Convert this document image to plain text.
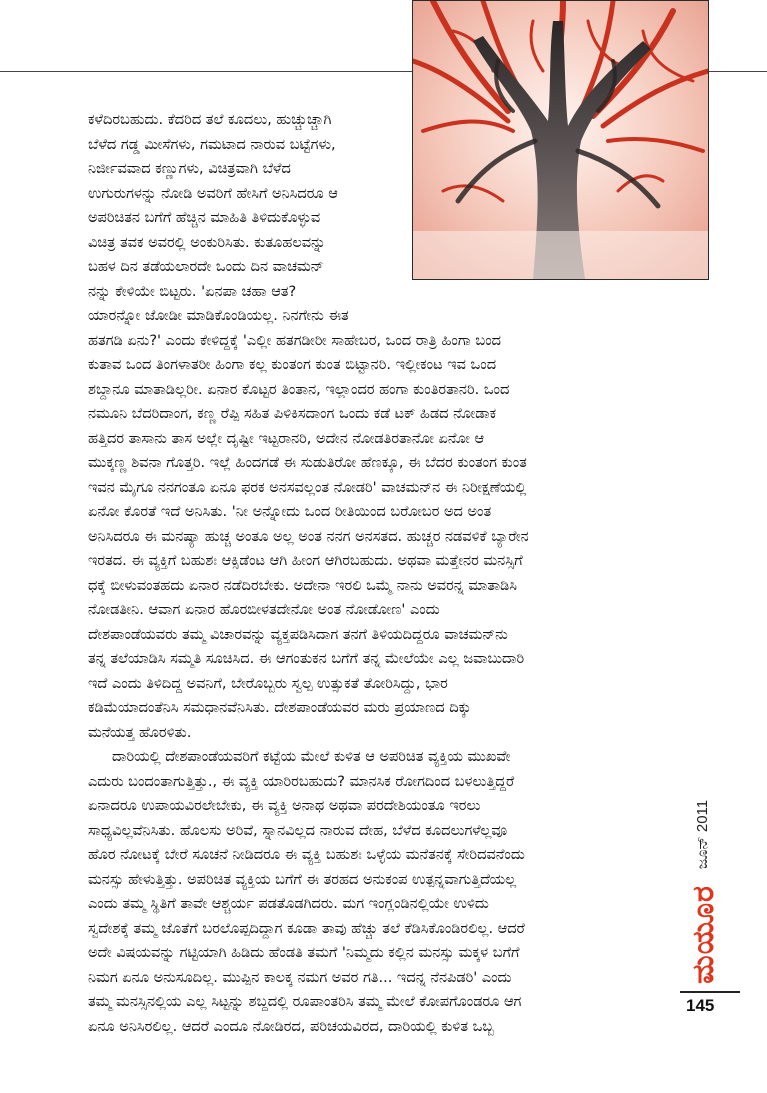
ಕಳೆದಿರಬಹುದು. ಕೆದರಿದ ತಲೆ ಕೂದಲು, ಹುಚ್ಚುಚ್ಚಾಗಿ
ಬೆಳೆದ ಗಡ್ಡ ಮೀಸೆಗಳು, ಗಮಟಾದ ನಾರುವ ಬಟ್ಟೆಗಳು,
ನಿರ್ಜೀವವಾದ ಕಣ್ಣುಗಳು, ವಿಚಿತ್ರವಾಗಿ ಬೆಳೆದ
ಉಗುರುಗಳನ್ನು ನೋಡಿ ಅವರಿಗೆ ಹೇಸಿಗೆ ಅನಿಸಿದರೂ ಆ
ಅಪರಿಚಿತನ ಬಗೆಗೆ ಹೆಚ್ಚಿನ ಮಾಹಿತಿ ತಿಳಿದುಕೊಳ್ಳುವ
ವಿಚಿತ್ರ ತವಕ ಅವರಲ್ಲಿ ಅಂಕುರಿಸಿತು. ಕುತೂಹಲವನ್ನು
ಬಹಳ ದಿನ ತಡೆಯಲಾರದೇ ಒಂದು ದಿನ ವಾಚಮನ್
ನನ್ನು ಕೇಳಿಯೇ ಬಿಟ್ಟರು. 'ಏನಪಾ ಚಹಾ ಆತ?
ಯಾರನ್ನೋ ಜೋಡೀ ಮಾಡಿಕೊಂಡಿಯಲ್ಲ. ನಿನಗೇನು ಈತ
ಹತಗಡಿ ಏನು?' ಎಂದು ಕೇಳಿದ್ದಕ್ಕೆ 'ಎಲ್ಲೀ ಹತಗಡೀರೀ ಸಾಹೇಬರ, ಒಂದ ರಾತ್ರಿ ಹಿಂಗಾ ಬಂದ
ಕುತಾವ ಒಂದ ತಿಂಗಳಾತರೀ ಹಿಂಗಾ ಕಲ್ಲ ಕುಂತಂಗ ಕುಂತ ಬಿಟ್ಟಾನರಿ. ಇಲ್ಲೀಕಂಟ ಇವ ಒಂದ
ಶಬ್ದಾನೂ ಮಾತಾಡಿಲ್ಲರೀ. ಏನಾರ ಕೊಟ್ಟರ ತಿಂತಾನ, ಇಲ್ಲಾಂದರ ಹಂಗಾ ಕುಂತಿರತಾನರಿ. ಒಂದ
ನಮೂನಿ ಬೆದರಿದಾಂಗ, ಕಣ್ಣ ರೆಪ್ಪಿ ಸಹಿತ ಪಿಳಿಕಿಸದಾಂಗ ಒಂದು ಕಡೆ ಟಕ್ ಹಿಡದ ನೋಡಾಕ
ಹತ್ತಿದರ ತಾಸಾನು ತಾಸ ಅಲ್ಲೇ ದೃಷ್ಟೀ ಇಟ್ಟರಾನರಿ, ಅದೇನ ನೋಡತಿರತಾನೋ ಏನೋ ಆ
ಮುಕ್ಕಣ್ಣ ಶಿವನಾ ಗೊತ್ತರಿ. ಇಲ್ಲೆ ಹಿಂದಗಡೆ ಈ ಸುಡುತಿರೋ ಹೆಣಕ್ಕೂ, ಈ ಬೆದರ ಕುಂತಂಗ ಕುಂತ
ಇವನ ಮೈಗೂ ನನಗಂತೂ ಏನೂ ಫರಕ ಅನಸವಲ್ಲಂತ ನೋಡರಿ' ವಾಚಮನ್‌ನ ಈ ನಿರೀಕ್ಷಣೆಯಲ್ಲಿ
ಏನೋ ಕೊರತೆ ಇದೆ ಅನಿಸಿತು. 'ನೀ ಅನ್ನೋದು ಒಂದ ರೀತಿಯಿಂದ ಬರೋಬರ ಅದ ಅಂತ
ಅನಿಸಿದರೂ ಈ ಮನಷ್ಯಾ ಹುಚ್ಚ ಅಂತೂ ಅಲ್ಲ ಅಂತ ನನಗ ಅನಸತದ. ಹುಚ್ಚರ ನಡವಳಿಕೆ ಬ್ಯಾರೇನ
ಇರತದ. ಈ ವ್ಯಕ್ತಿಗೆ ಬಹುಶಃ ಆಕ್ಸಿಡೆಂಟ ಆಗಿ ಹೀಂಗ ಆಗಿರಬಹುದು. ಅಥವಾ ಮತ್ತೇನರ ಮನಸ್ಸಿಗೆ
ಧಕ್ಕೆ ಬೀಳುವಂತಹದು ಏನಾರ ನಡೆದಿರಬೇಕು. ಅದೇನಾ ಇರಲಿ ಒಮ್ಮೆ ನಾನು ಅವರನ್ನ ಮಾತಾಡಿಸಿ
ನೋಡತೀನಿ. ಆವಾಗ ಏನಾರ ಹೊರಬೀಳತದೇನೋ ಅಂತ ನೋಡೋಣ' ಎಂದು
ದೇಶಪಾಂಡೆಯವರು ತಮ್ಮ ವಿಚಾರವನ್ನು ವ್ಯಕ್ತಪಡಿಸಿದಾಗ ತನಗೆ ತಿಳಿಯದಿದ್ದರೂ ವಾಚಮನ್‌ನು
ತನ್ನ ತಲೆಯಾಡಿಸಿ ಸಮ್ಮತಿ ಸೂಚಿಸಿದ. ಈ ಆಗಂತುಕನ ಬಗೆಗೆ ತನ್ನ ಮೇಲೆಯೇ ಎಲ್ಲ ಜವಾಬುದಾರಿ
ಇದೆ ಎಂದು ತಿಳಿದಿದ್ದ ಅವನಿಗೆ, ಬೇರೊಬ್ಬರು ಸ್ವಲ್ಪ ಉತ್ಸುಕತೆ ತೋರಿಸಿದ್ದು, ಭಾರ
ಕಡಿಮೆಯಾದಂತೆನಿಸಿ ಸಮಧಾನವೆನಿಸಿತು. ದೇಶಪಾಂಡೆಯವರ ಮರು ಪ್ರಯಾಣದ ದಿಕ್ಕು
ಮನೆಯತ್ತ ಹೊರಳಿತು.
ದಾರಿಯಲ್ಲಿ ದೇಶಪಾಂಡೆಯವರಿಗೆ ಕಟ್ಟೆಯ ಮೇಲೆ ಕುಳಿತ ಆ ಅಪರಿಚಿತ ವ್ಯಕ್ತಿಯ ಮುಖವೇ
ಎದುರು ಬಂದಂತಾಗುತ್ತಿತ್ತು., ಈ ವ್ಯಕ್ತಿ ಯಾರಿರಬಹುದು? ಮಾನಸಿಕ ರೋಗದಿಂದ ಬಳಲುತ್ತಿದ್ದರೆ
ಏನಾದರೂ ಉಪಾಯವಿರಲೇಬೇಕು, ಈ ವ್ಯಕ್ತಿ ಅನಾಥ ಅಥವಾ ಪರದೇಶಿಯಂತೂ ಇರಲು
ಸಾಧ್ಯವಿಲ್ಲವೆನಿಸಿತು. ಹೊಲಸು ಅರಿವೆ, ಸ್ನಾನವಿಲ್ಲದ ನಾರುವ ದೇಹ, ಬೆಳೆದ ಕೂದಲುಗಳೆಲ್ಲವೂ
ಹೊರ ನೋಟಕ್ಕೆ ಬೇರೆ ಸೂಚನೆ ನೀಡಿದರೂ ಈ ವ್ಯಕ್ತಿ ಬಹುಶಃ ಒಳ್ಳೆಯ ಮನೆತನಕ್ಕೆ ಸೇರಿದವನೆಂದು
ಮನಸ್ಸು ಹೇಳುತ್ತಿತ್ತು. ಅಪರಿಚಿತ ವ್ಯಕ್ತಿಯ ಬಗೆಗೆ ಈ ತರಹದ ಅನುಕಂಪ ಉತ್ಪನ್ನವಾಗುತ್ತಿದೆಯಲ್ಲ
ಎಂದು ತಮ್ಮ ಸ್ಥಿತಿಗೆ ತಾವೇ ಆಶ್ಚರ್ಯ ಪಡತೊಡಗಿದರು. ಮಗ ಇಂಗ್ಲಂಡಿನಲ್ಲಿಯೇ ಉಳಿದು
ಸ್ವದೇಶಕ್ಕೆ ತಮ್ಮ ಜೊತೆಗೆ ಬರಲೊಪ್ಪದಿದ್ದಾಗ ಕೂಡಾ ತಾವು ಹೆಚ್ಚು ತಲೆ ಕೆಡಿಸಿಕೊಂಡಿರಲಿಲ್ಲ. ಆದರೆ
ಅದೇ ವಿಷಯವನ್ನು ಗಟ್ಟಿಯಾಗಿ ಹಿಡಿದು ಹೆಂಡತಿ ತಮಗೆ 'ನಿಮ್ಮದು ಕಲ್ಲಿನ ಮನಸ್ಸು ಮಕ್ಕಳ ಬಗೆಗೆ
ನಿಮಗ ಏನೂ ಅನುಸೂದಿಲ್ಲ. ಮುಪ್ಪಿನ ಕಾಲಕ್ಕ ನಮಗ ಅವರ ಗತಿ... ಇದನ್ನ ನೆನಪಿಡರಿ' ಎಂದು
ತಮ್ಮ ಮನಸ್ಸಿನಲ್ಲಿಯ ಎಲ್ಲ ಸಿಟ್ಟನ್ನು ಶಬ್ದದಲ್ಲಿ ರೂಪಾಂತರಿಸಿ ತಮ್ಮ ಮೇಲೆ ಕೋಪಗೊಂಡರೂ ಆಗ
ಏನೂ ಅನಿಸಿರಲಿಲ್ಲ. ಆದರೆ ಎಂದೂ ನೋಡಿರದ, ಪರಿಚಯವಿರದ, ದಾರಿಯಲ್ಲಿ ಕುಳಿತ ಒಬ್ಬ
ಜೂನ್ 2011
ಮಯೂರ
145
